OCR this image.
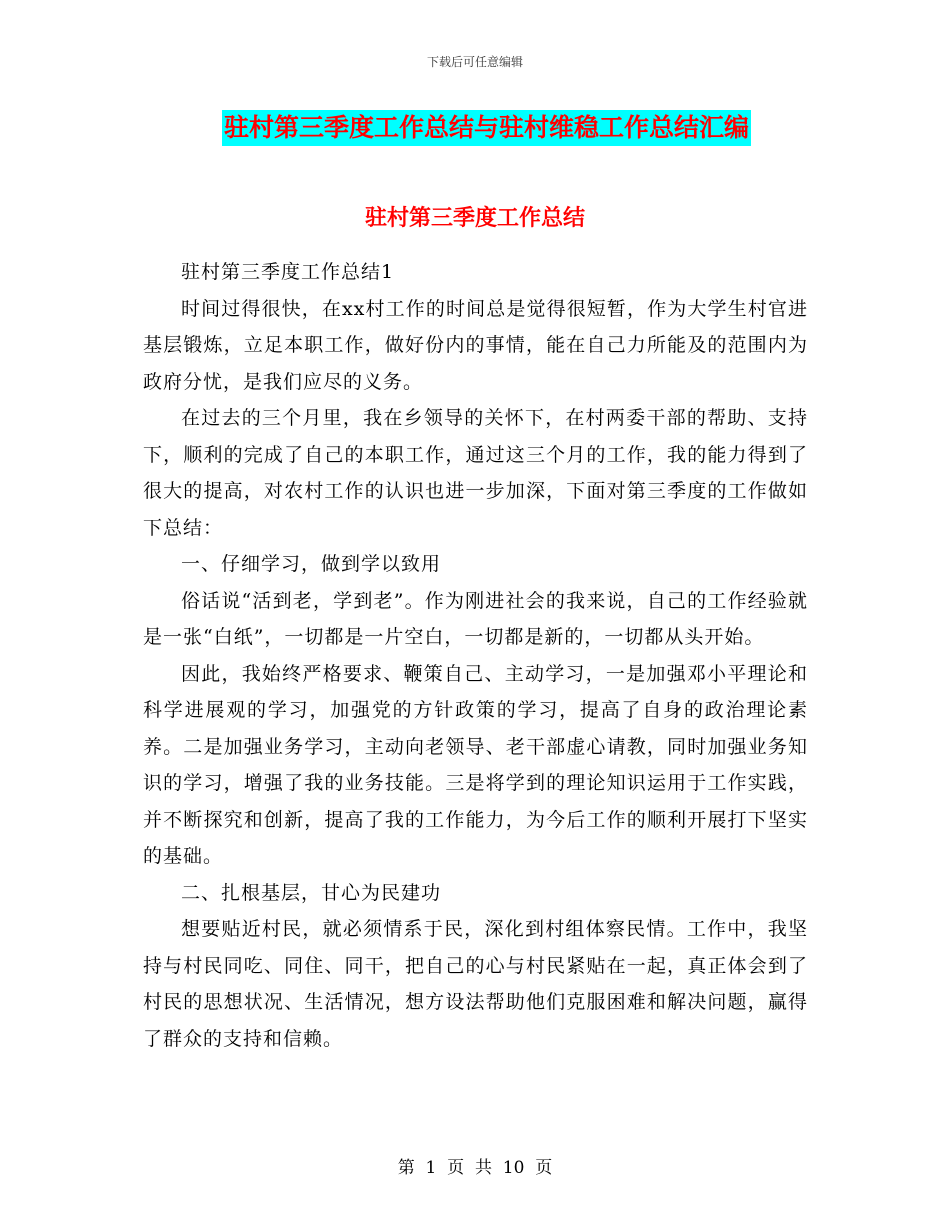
下载后可任意编辑
驻村第三季度工作总结与驻村维稳工作总结汇编
驻村第三季度工作总结

驻村第三季度工作总结1

时间过得很快，在xx村工作的时间总是觉得很短暂，作为大学生村官进基层锻炼，立足本职工作，做好份内的事情，能在自己力所能及的范围内为政府分忧，是我们应尽的义务。

在过去的三个月里，我在乡领导的关怀下，在村两委干部的帮助、支持下，顺利的完成了自己的本职工作，通过这三个月的工作，我的能力得到了很大的提高，对农村工作的认识也进一步加深，下面对第三季度的工作做如下总结：

一、仔细学习，做到学以致用

俗话说“活到老，学到老”。作为刚进社会的我来说，自己的工作经验就是一张“白纸”，一切都是一片空白，一切都是新的，一切都从头开始。

因此，我始终严格要求、鞭策自己、主动学习，一是加强邓小平理论和科学进展观的学习，加强党的方针政策的学习，提高了自身的政治理论素养。二是加强业务学习，主动向老领导、老干部虚心请教，同时加强业务知识的学习，增强了我的业务技能。三是将学到的理论知识运用于工作实践，并不断探究和创新，提高了我的工作能力，为今后工作的顺利开展打下坚实的基础。

二、扎根基层，甘心为民建功

想要贴近村民，就必须情系于民，深化到村组体察民情。工作中，我坚持与村民同吃、同住、同干，把自己的心与村民紧贴在一起，真正体会到了村民的思想状况、生活情况，想方设法帮助他们克服困难和解决问题，赢得了群众的支持和信赖。

第  1  页  共  10  页
